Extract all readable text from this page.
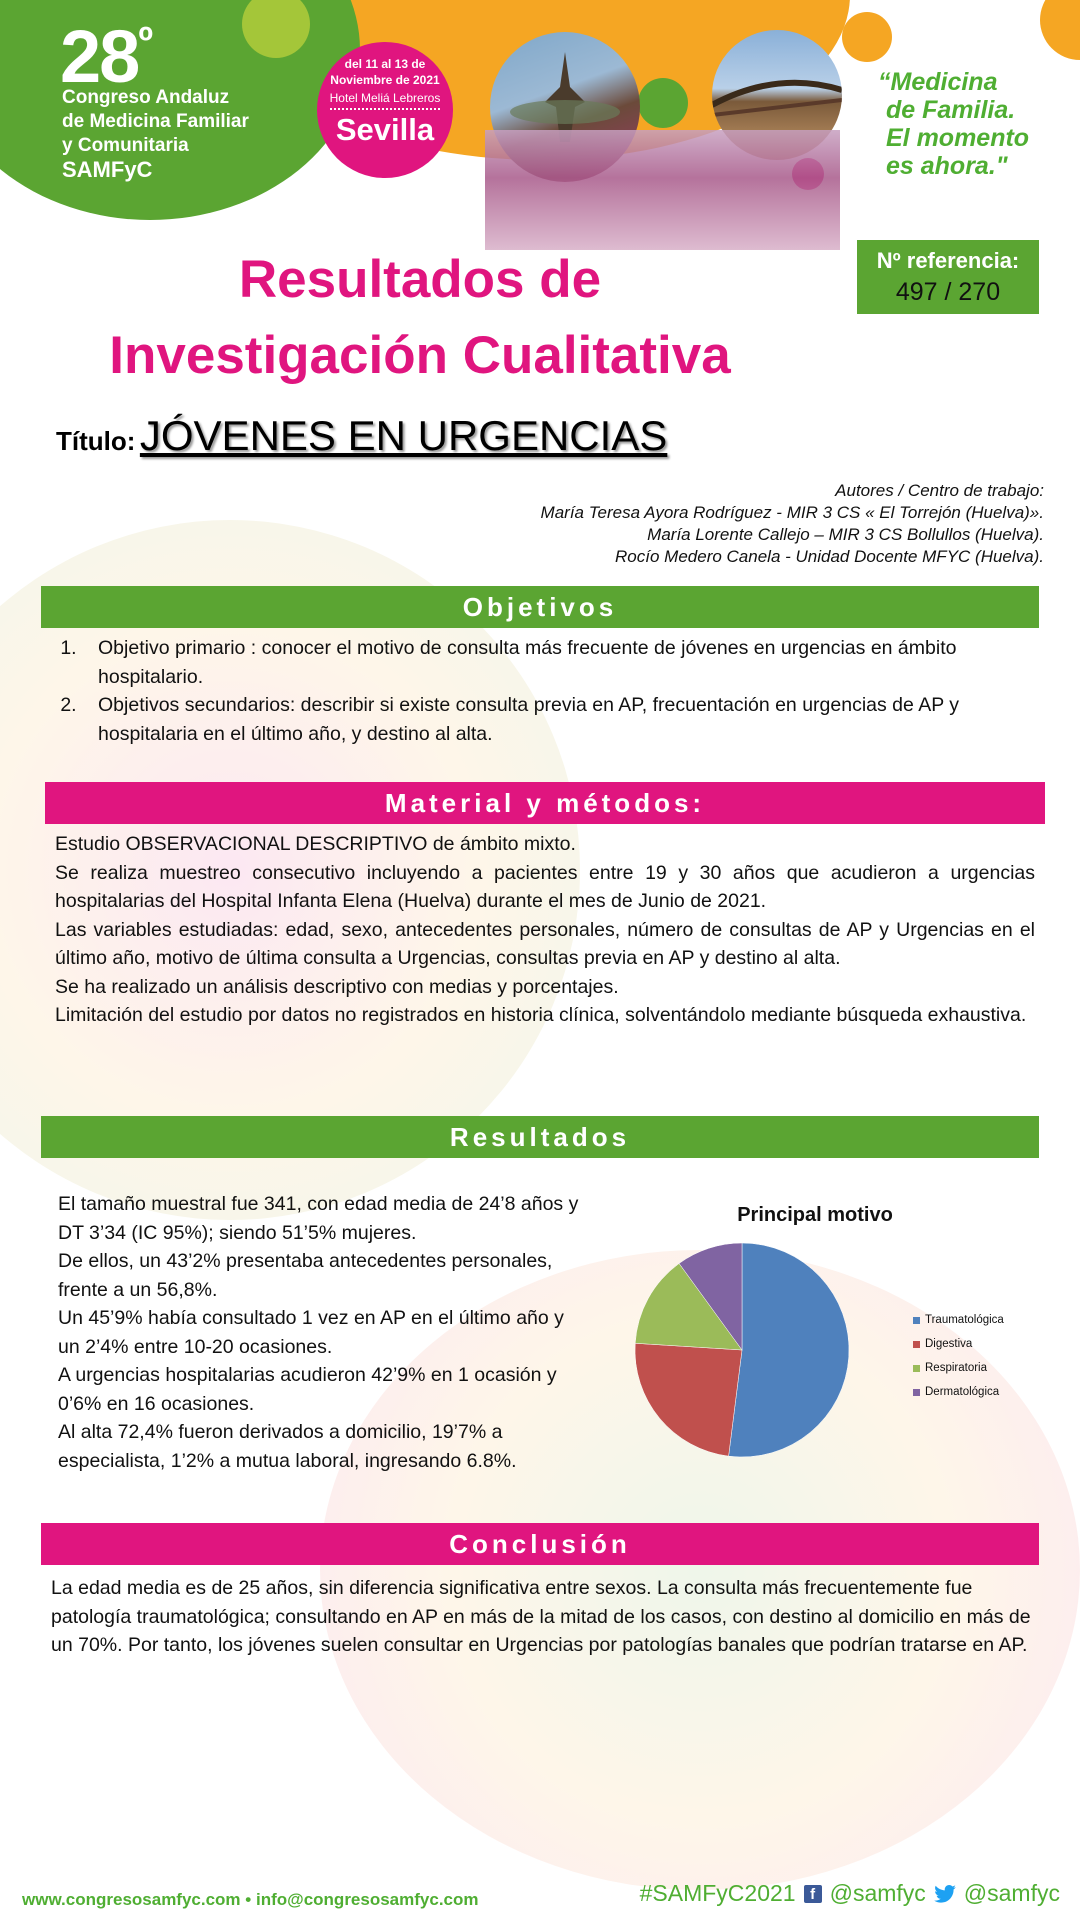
$28^º$
Congreso Andaluz
de Medicina Familiar
y Comunitaria
SAMFyC
del 11 al 13 de
Noviembre de 2021
Hotel Meliá Lebreros
Sevilla
“Medicina
de Familia.
El momento
es ahora."
Resultados de
Investigación Cualitativa
Nº referencia:
497 / 270
Título: JÓVENES EN URGENCIAS
Autores / Centro de trabajo:
María Teresa Ayora Rodríguez - MIR 3 CS « El Torrejón (Huelva)».
María Lorente Callejo – MIR 3 CS Bollullos (Huelva).
Rocío Medero Canela - Unidad Docente MFYC (Huelva).
Objetivos
1. Objetivo primario : conocer el motivo de consulta más frecuente de jóvenes en urgencias en ámbito hospitalario.
2. Objetivos secundarios: describir si existe consulta previa en AP, frecuentación en urgencias de AP y hospitalaria en el último año, y destino al alta.
Material y métodos:
Estudio OBSERVACIONAL DESCRIPTIVO de ámbito mixto.
Se realiza muestreo consecutivo incluyendo a pacientes entre 19 y 30 años que acudieron a urgencias hospitalarias del Hospital Infanta Elena (Huelva) durante el mes de Junio de 2021.
Las variables estudiadas: edad, sexo, antecedentes personales, número de consultas de AP y Urgencias en el último año, motivo de última consulta a Urgencias, consultas previa en AP y destino al alta.
Se ha realizado un análisis descriptivo con medias y porcentajes.
Limitación del estudio por datos no registrados en historia clínica, solventándolo mediante búsqueda exhaustiva.
Resultados
El tamaño muestral fue 341, con edad media de 24’8 años y DT 3’34 (IC 95%); siendo 51’5% mujeres.
De ellos, un 43’2% presentaba antecedentes personales, frente a un 56,8%.
Un 45’9% había consultado 1 vez en AP en el último año y un 2’4% entre 10-20 ocasiones.
A urgencias hospitalarias acudieron 42’9% en 1 ocasión y 0’6% en 16 ocasiones.
Al alta 72,4% fueron derivados a domicilio, 19’7% a especialista, 1’2% a mutua laboral, ingresando 6.8%.
Principal motivo
Traumatológica
Digestiva
Respiratoria
Dermatológica
Conclusión
La edad media es de 25 años, sin diferencia significativa entre sexos. La consulta más frecuentemente fue patología traumatológica; consultando en AP en más de la mitad de los casos, con destino al domicilio en más de un 70%. Por tanto, los jóvenes suelen consultar en Urgencias por patologías banales que podrían tratarse en AP.
www.congresosamfyc.com • info@congresosamfyc.com	#SAMFyC2021 f @samfyc @samfyc
